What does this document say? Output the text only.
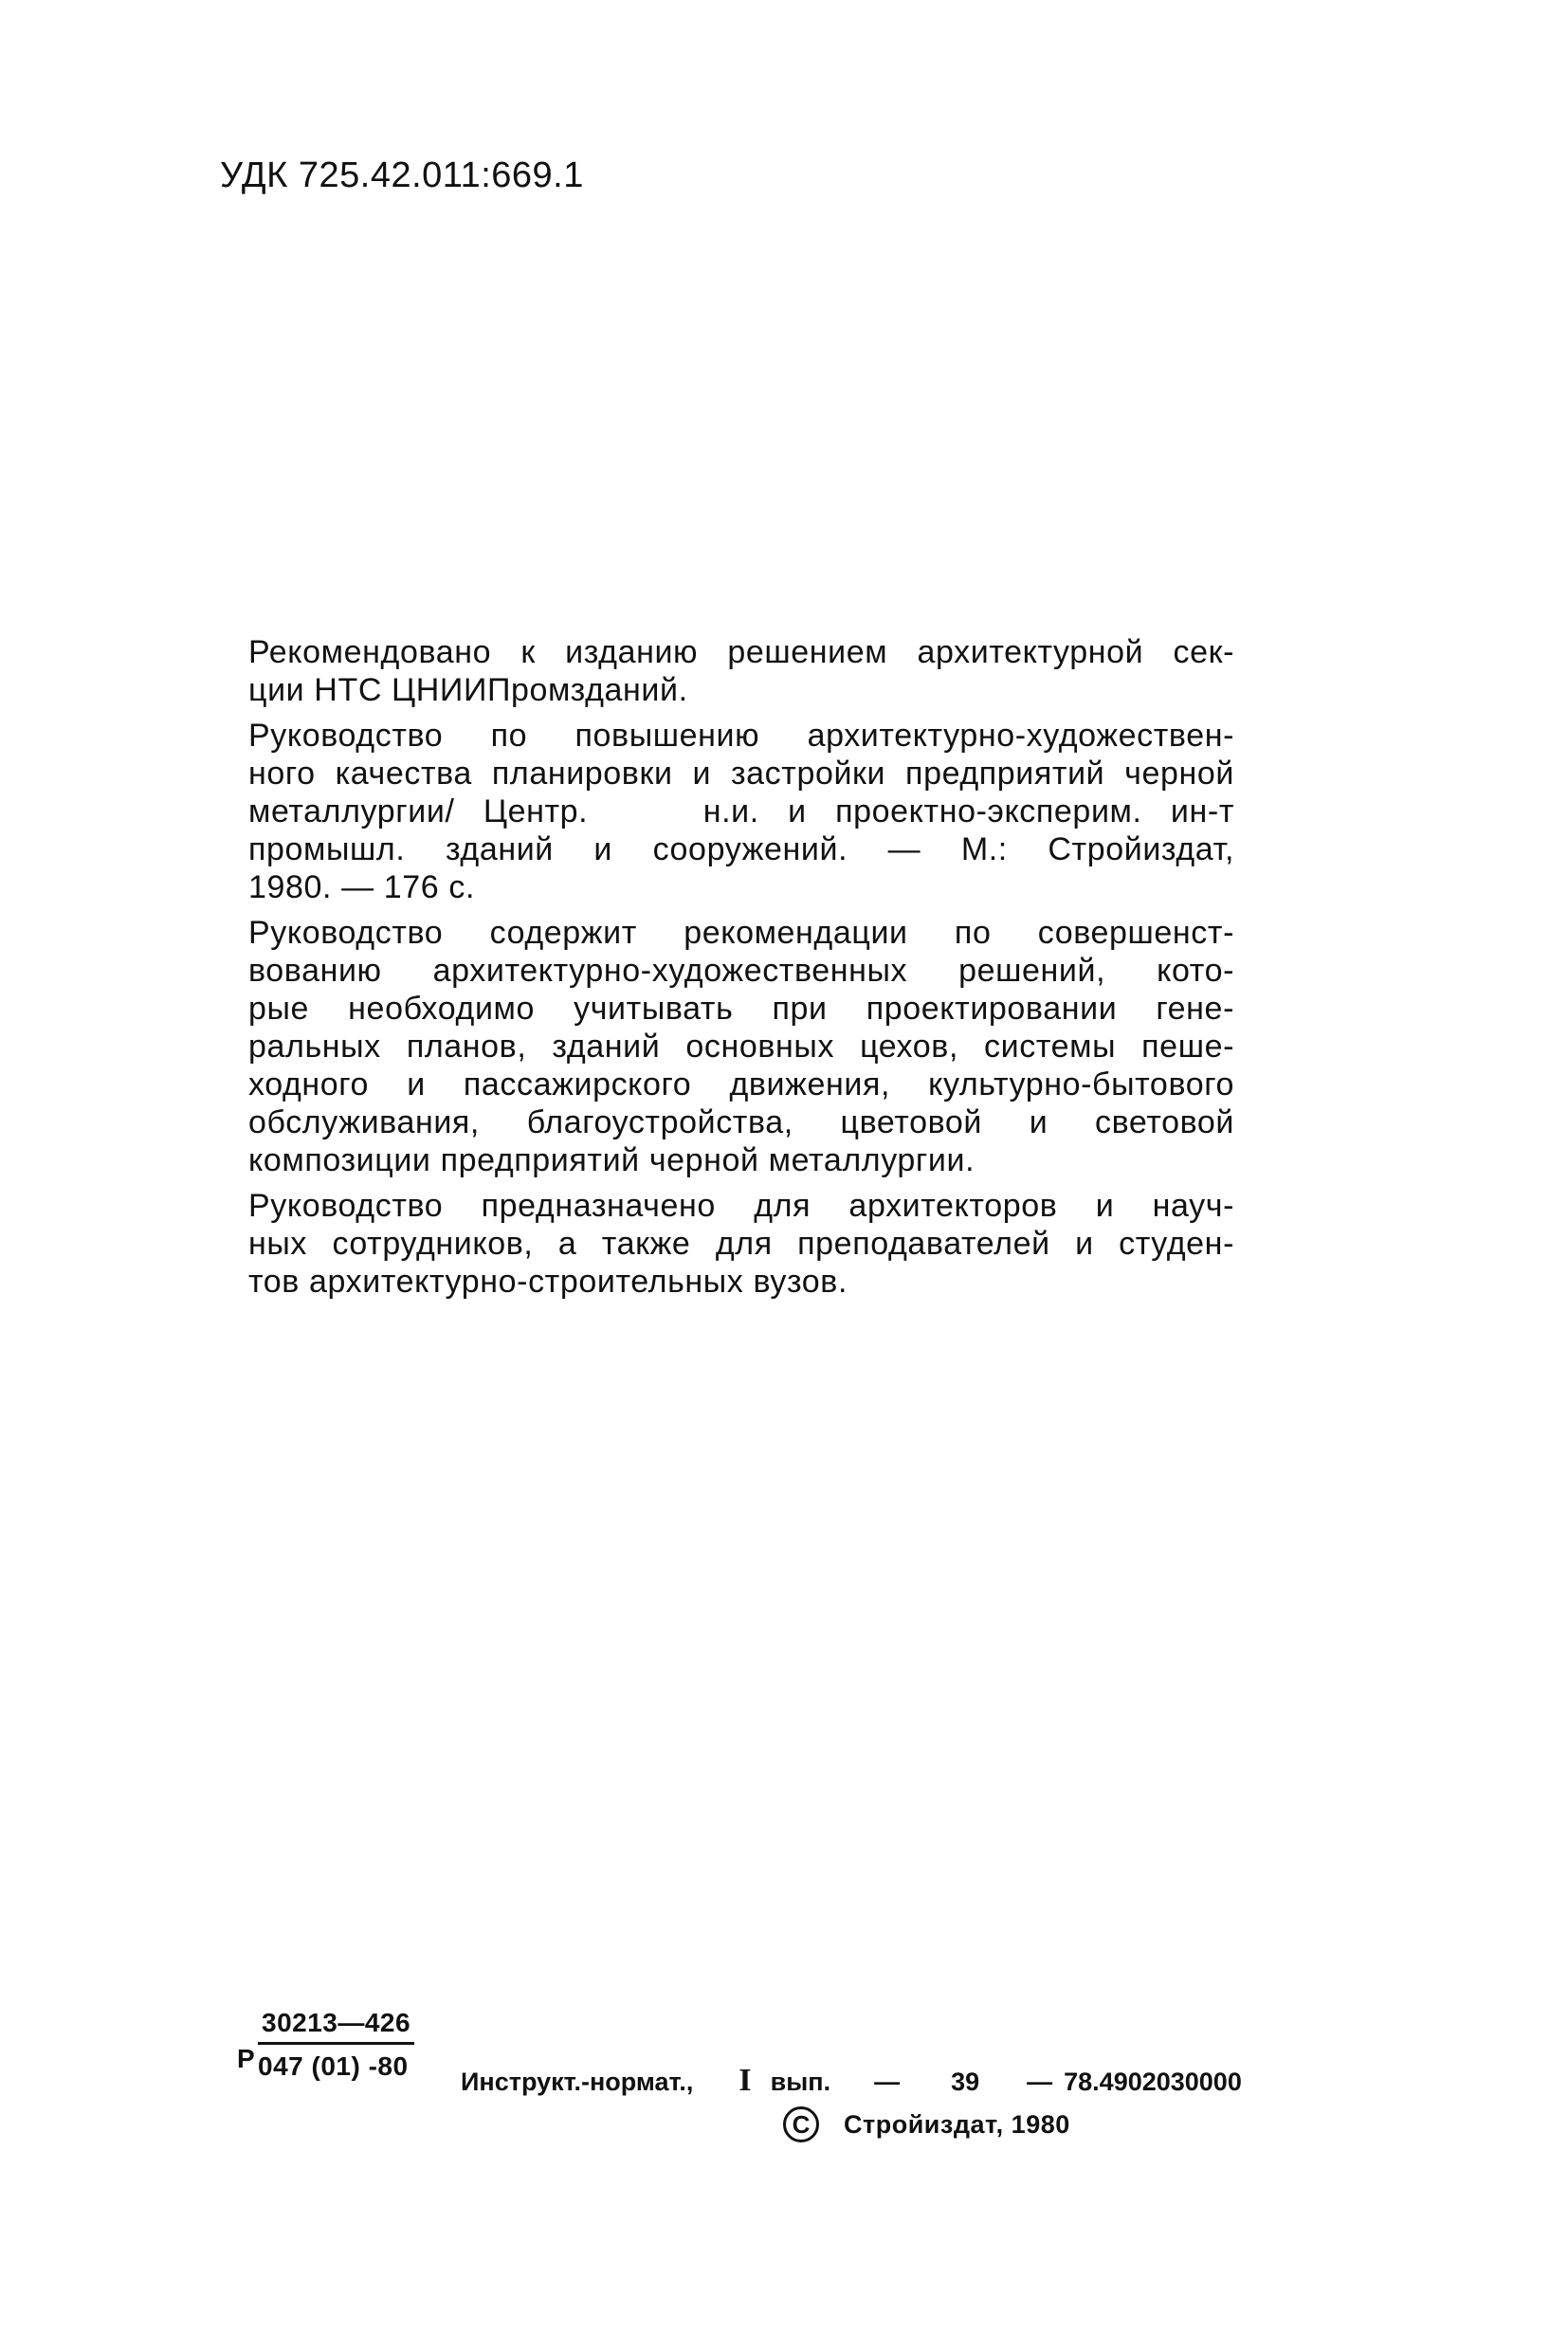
УДК 725.42.011:669.1
Рекомендовано к изданию решением архитектурной сек-
ции НТС ЦНИИПромзданий.
Руководство по повышению архитектурно-художествен-
ного качества планировки и застройки предприятий черной
металлургии/ Центр.    н.и. и проектно-эксперим. ин-т
промышл. зданий и сооружений. — М.: Стройиздат,
1980. — 176 с.
Руководство содержит рекомендации по совершенст-
вованию архитектурно-художественных решений, кото-
рые необходимо учитывать при проектировании гене-
ральных планов, зданий основных цехов, системы пеше-
ходного и пассажирского движения, культурно-бытового
обслуживания, благоустройства, цветовой и световой
композиции предприятий черной металлургии.
Руководство предназначено для архитекторов и науч-
ных сотрудников, а также для преподавателей и студен-
тов архитектурно-строительных вузов.
30213—426
Р 047 (01) -80
Инструкт.-нормат., I вып. — 39 — 78.4902030000
C	Стройиздат, 1980
